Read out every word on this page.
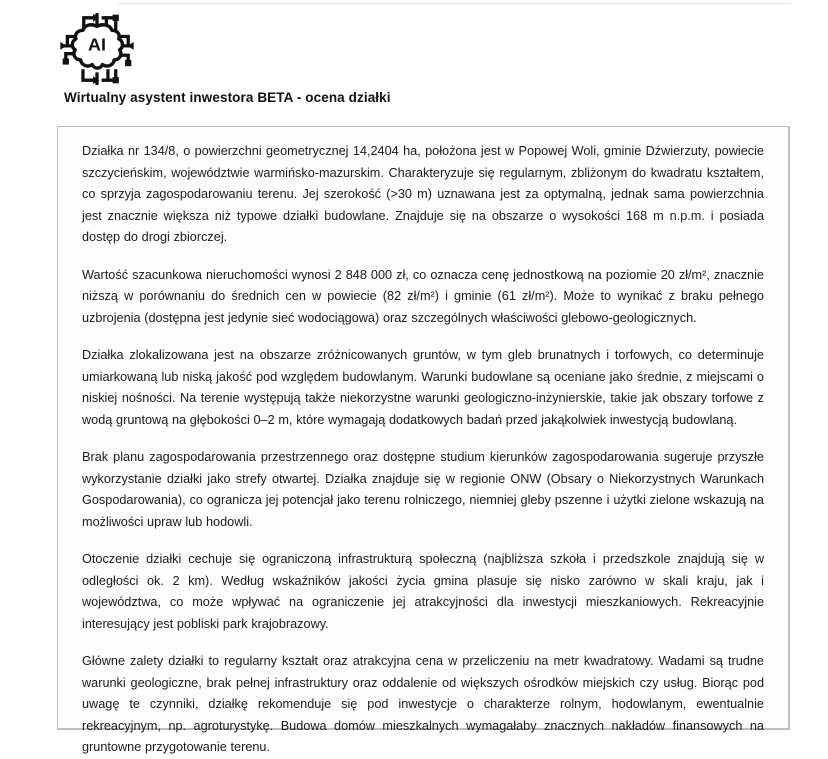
AI
Wirtualny asystent inwestora BETA - ocena działki

Działka nr 134/8, o powierzchni geometrycznej 14,2404 ha, położona jest w Popowej Woli, gminie Dźwierzuty, powiecie szczycieńskim, województwie warmińsko-mazurskim. Charakteryzuje się regularnym, zbliżonym do kwadratu kształtem, co sprzyja zagospodarowaniu terenu. Jej szerokość (>30 m) uznawana jest za optymalną, jednak sama powierzchnia jest znacznie większa niż typowe działki budowlane. Znajduje się na obszarze o wysokości 168 m n.p.m. i posiada dostęp do drogi zbiorczej.

Wartość szacunkowa nieruchomości wynosi 2 848 000 zł, co oznacza cenę jednostkową na poziomie 20 zł/m², znacznie niższą w porównaniu do średnich cen w powiecie (82 zł/m²) i gminie (61 zł/m²). Może to wynikać z braku pełnego uzbrojenia (dostępna jest jedynie sieć wodociągowa) oraz szczególnych właściwości glebowo-geologicznych.

Działka zlokalizowana jest na obszarze zróżnicowanych gruntów, w tym gleb brunatnych i torfowych, co determinuje umiarkowaną lub niską jakość pod względem budowlanym. Warunki budowlane są oceniane jako średnie, z miejscami o niskiej nośności. Na terenie występują także niekorzystne warunki geologiczno-inżynierskie, takie jak obszary torfowe z wodą gruntową na głębokości 0–2 m, które wymagają dodatkowych badań przed jakąkolwiek inwestycją budowlaną.

Brak planu zagospodarowania przestrzennego oraz dostępne studium kierunków zagospodarowania sugeruje przyszłe wykorzystanie działki jako strefy otwartej. Działka znajduje się w regionie ONW (Obsary o Niekorzystnych Warunkach Gospodarowania), co ogranicza jej potencjał jako terenu rolniczego, niemniej gleby pszenne i użytki zielone wskazują na możliwości upraw lub hodowli.

Otoczenie działki cechuje się ograniczoną infrastrukturą społeczną (najbliższa szkoła i przedszkole znajdują się w odległości ok. 2 km). Według wskaźników jakości życia gmina plasuje się nisko zarówno w skali kraju, jak i województwa, co może wpływać na ograniczenie jej atrakcyjności dla inwestycji mieszkaniowych. Rekreacyjnie interesujący jest pobliski park krajobrazowy.

Główne zalety działki to regularny kształt oraz atrakcyjna cena w przeliczeniu na metr kwadratowy. Wadami są trudne warunki geologiczne, brak pełnej infrastruktury oraz oddalenie od większych ośrodków miejskich czy usług. Biorąc pod uwagę te czynniki, działkę rekomenduje się pod inwestycje o charakterze rolnym, hodowlanym, ewentualnie rekreacyjnym, np. agroturystykę. Budowa domów mieszkalnych wymagałaby znacznych nakładów finansowych na gruntowne przygotowanie terenu.
